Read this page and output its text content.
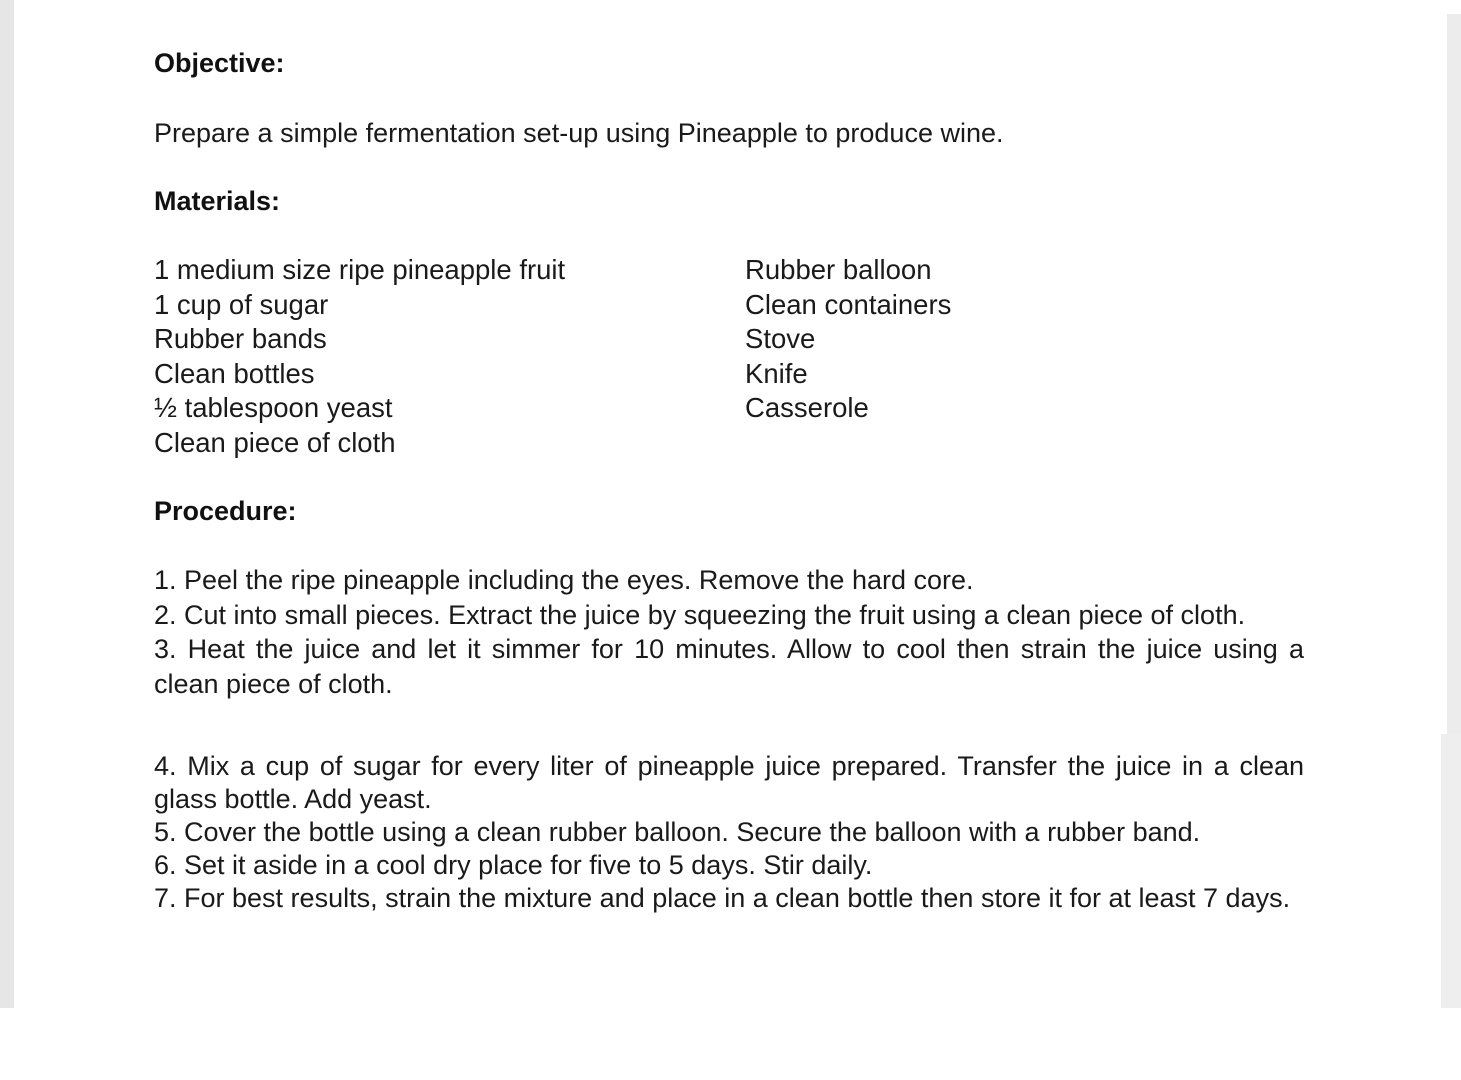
Objective:

Prepare a simple fermentation set-up using Pineapple to produce wine.

Materials:
1 medium size ripe pineapple fruit
1 cup of sugar
Rubber bands
Clean bottles
½ tablespoon yeast
Clean piece of cloth
Rubber balloon
Clean containers
Stove
Knife
Casserole
Procedure:
1. Peel the ripe pineapple including the eyes. Remove the hard core.
2. Cut into small pieces. Extract the juice by squeezing the fruit using a clean piece of cloth.
3. Heat the juice and let it simmer for 10 minutes. Allow to cool then strain the juice using a clean piece of cloth.
4. Mix a cup of sugar for every liter of pineapple juice prepared. Transfer the juice in a clean glass bottle. Add yeast.
5. Cover the bottle using a clean rubber balloon. Secure the balloon with a rubber band.
6. Set it aside in a cool dry place for five to 5 days. Stir daily.
7. For best results, strain the mixture and place in a clean bottle then store it for at least 7 days.
